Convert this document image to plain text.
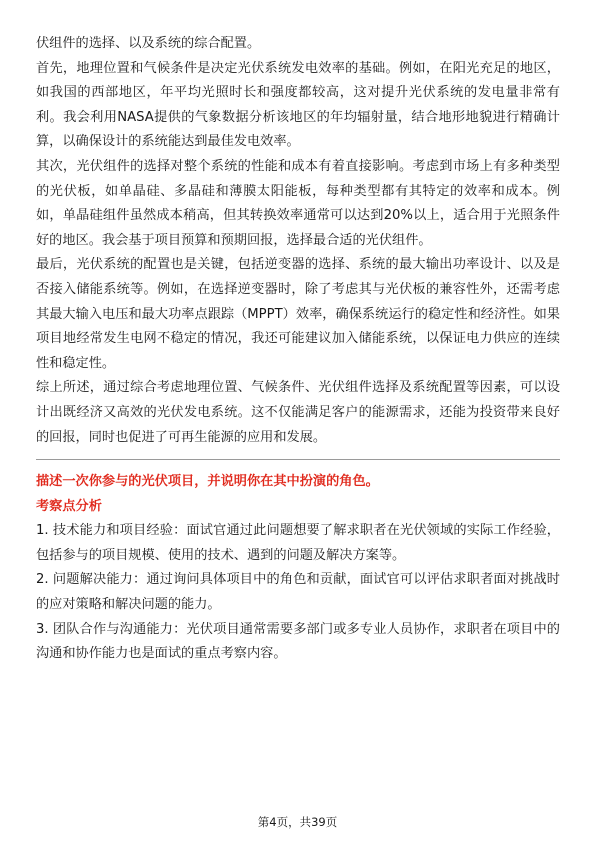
伏组件的选择、以及系统的综合配置。

首先，地理位置和气候条件是决定光伏系统发电效率的基础。例如，在阳光充足的地区，如我国的西部地区，年平均光照时长和强度都较高，这对提升光伏系统的发电量非常有利。我会利用NASA提供的气象数据分析该地区的年均辐射量，结合地形地貌进行精确计算，以确保设计的系统能达到最佳发电效率。

其次，光伏组件的选择对整个系统的性能和成本有着直接影响。考虑到市场上有多种类型的光伏板，如单晶硅、多晶硅和薄膜太阳能板，每种类型都有其特定的效率和成本。例如，单晶硅组件虽然成本稍高，但其转换效率通常可以达到20%以上，适合用于光照条件好的地区。我会基于项目预算和预期回报，选择最合适的光伏组件。

最后，光伏系统的配置也是关键，包括逆变器的选择、系统的最大输出功率设计、以及是否接入储能系统等。例如，在选择逆变器时，除了考虑其与光伏板的兼容性外，还需考虑其最大输入电压和最大功率点跟踪（MPPT）效率，确保系统运行的稳定性和经济性。如果项目地经常发生电网不稳定的情况，我还可能建议加入储能系统，以保证电力供应的连续性和稳定性。

综上所述，通过综合考虑地理位置、气候条件、光伏组件选择及系统配置等因素，可以设计出既经济又高效的光伏发电系统。这不仅能满足客户的能源需求，还能为投资带来良好的回报，同时也促进了可再生能源的应用和发展。

描述一次你参与的光伏项目，并说明你在其中扮演的角色。

考察点分析

1. 技术能力和项目经验：面试官通过此问题想要了解求职者在光伏领域的实际工作经验，包括参与的项目规模、使用的技术、遇到的问题及解决方案等。

2. 问题解决能力：通过询问具体项目中的角色和贡献，面试官可以评估求职者面对挑战时的应对策略和解决问题的能力。

3. 团队合作与沟通能力：光伏项目通常需要多部门或多专业人员协作，求职者在项目中的沟通和协作能力也是面试的重点考察内容。

第4页，共39页
